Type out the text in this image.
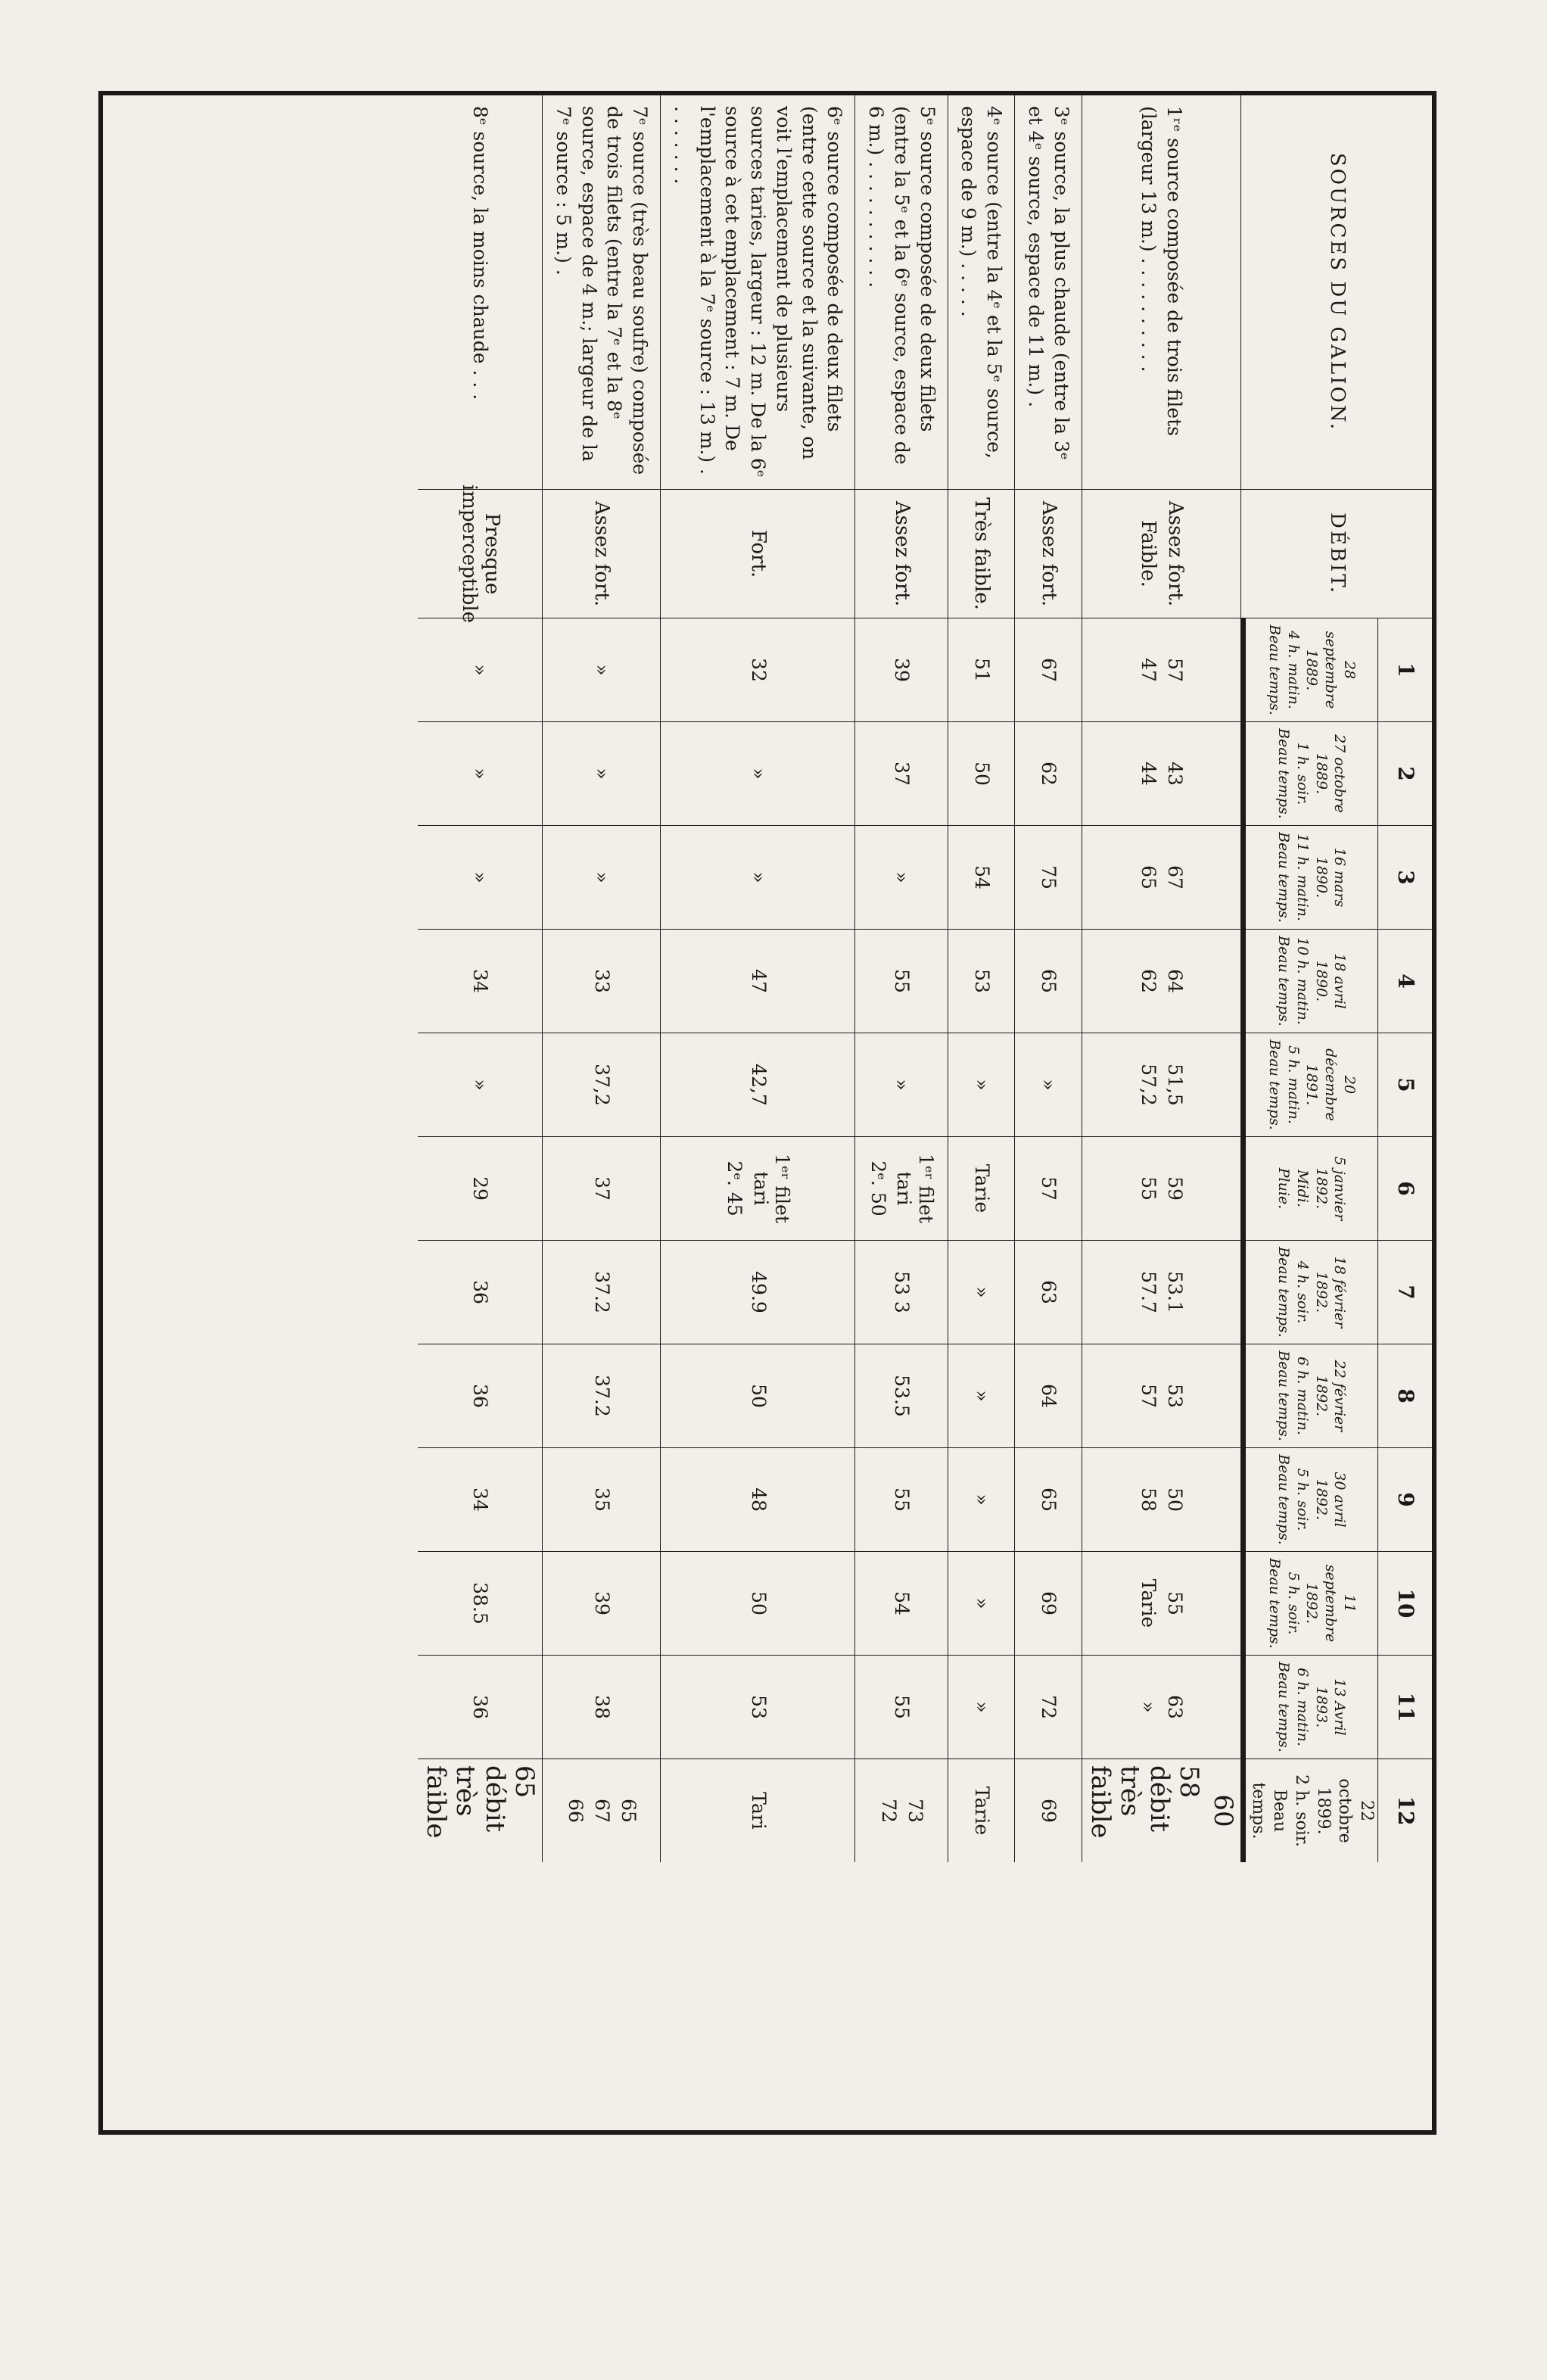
SOURCES DU GALION.
DÉBIT.
1
2
3
4
5
6
7
8
9
10
11
12
28 septembre 1889.
4 h. matin.
Beau temps.
27 octobre 1889.
1 h. soir.
Beau temps.
16 mars 1890.
11 h. matin.
Beau temps.
18 avril 1890.
10 h. matin.
Beau temps.
20 décembre 1891.
5 h. matin.
Beau temps.
5 janvier 1892.
Midi.
Pluie.
18 février 1892.
4 h. soir.
Beau temps.
22 février 1892.
6 h. matin.
Beau temps.
30 avril 1892.
5 h. soir.
Beau temps.
11 septembre 1892.
5 h. soir.
Beau temps.
13 Avril 1893.
6 h. matin.
Beau temps.
22 octobre 1899.
2 h. soir.
Beau temps.
1ʳᵉ source composée de trois filets (largeur 13 m.) . . . . . . . . . .
Assez fort.
Faible.
57
47
43
44
67
65
64
62
51,5
57,2
59
55
53.1
57.7
53
57
50
58
55
Tarie
63
»
60
58 débit très faible
3ᵉ source, la plus chaude (entre la 3ᵉ et 4ᵉ source, espace de 11 m.) .
Assez fort.
67
62
75
65
»
57
63
64
65
69
72
69
4ᵉ source (entre la 4ᵉ et la 5ᵉ source, espace de 9 m.) . . . . .
Très faible.
51
50
54
53
»
Tarie
»
»
»
»
»
Tarie
5ᵉ source composée de deux filets (entre la 5ᵉ et la 6ᵉ source, espace de 6 m.) . . . . . . . . . . .
Assez fort.
39
37
»
55
»
1ᵉʳ filet tari
2ᵉ. 50
53 3
53.5
55
54
55
73
72
6ᵉ source composée de deux filets (entre cette source et la suivante, on voit l'emplacement de plusieurs sources taries, largeur : 12 m. De la 6ᵉ source à cet emplacement : 7 m. De l'emplacement à la 7ᵉ source : 13 m.) . . . . . . . .
Fort.
32
»
»
47
42,7
1ᵉʳ filet tari
2ᵉ. 45
49.9
50
48
50
53
Tari
7ᵉ source (très beau soufre) composée de trois filets (entre la 7ᵉ et la 8ᵉ source, espace de 4 m.; largeur de la 7ᵉ source : 5 m.) .
Assez fort.
»
»
»
33
37,2
37
37.2
37.2
35
39
38
65
67
66
8ᵉ source, la moins chaude . . .
Presque imperceptible
»
»
»
34
»
29
36
36
34
38.5
36
65 débit très faible
